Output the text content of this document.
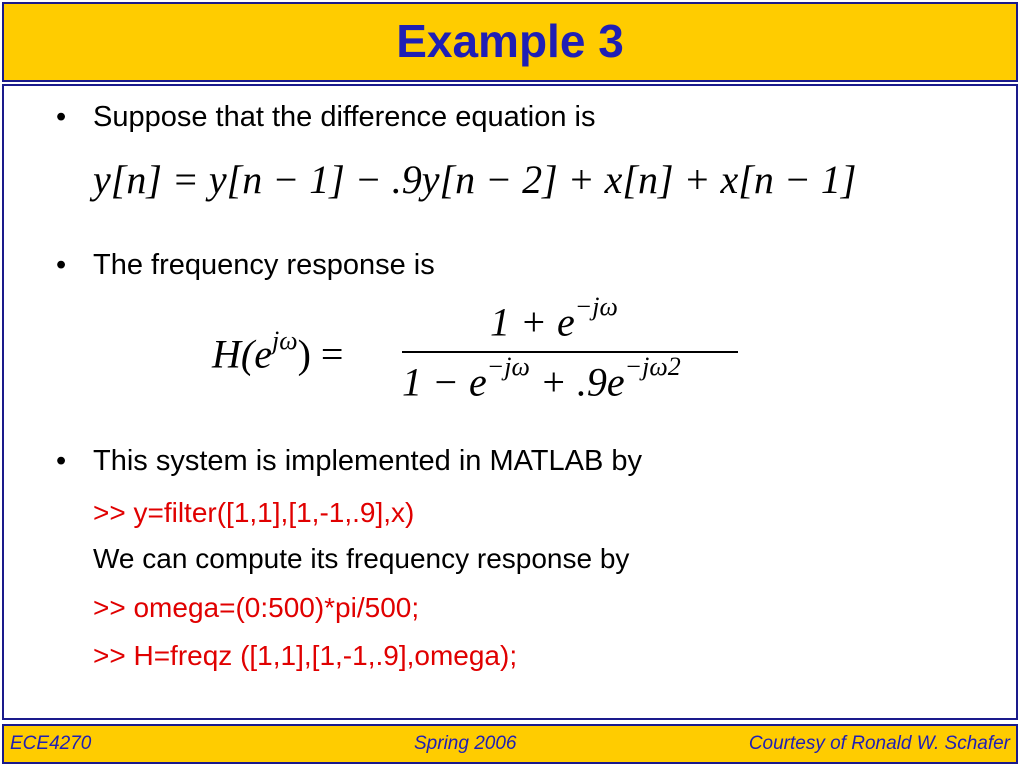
Example 3
• Suppose that the difference equation is
y[n] = y[n − 1] − .9y[n − 2] + x[n] + x[n − 1]
• The frequency response is
$H(e^{j\omega})$ =
$1 + e^{-j\omega}$
$1 - e^{-j\omega} + .9e^{-j\omega 2}$
• This system is implemented in MATLAB by
>> y=filter([1,1],[1,-1,.9],x)
We can compute its frequency response by
>> omega=(0:500)*pi/500;
>> H=freqz ([1,1],[1,-1,.9],omega);
ECE4270	Spring 2006	Courtesy of Ronald W. Schafer
